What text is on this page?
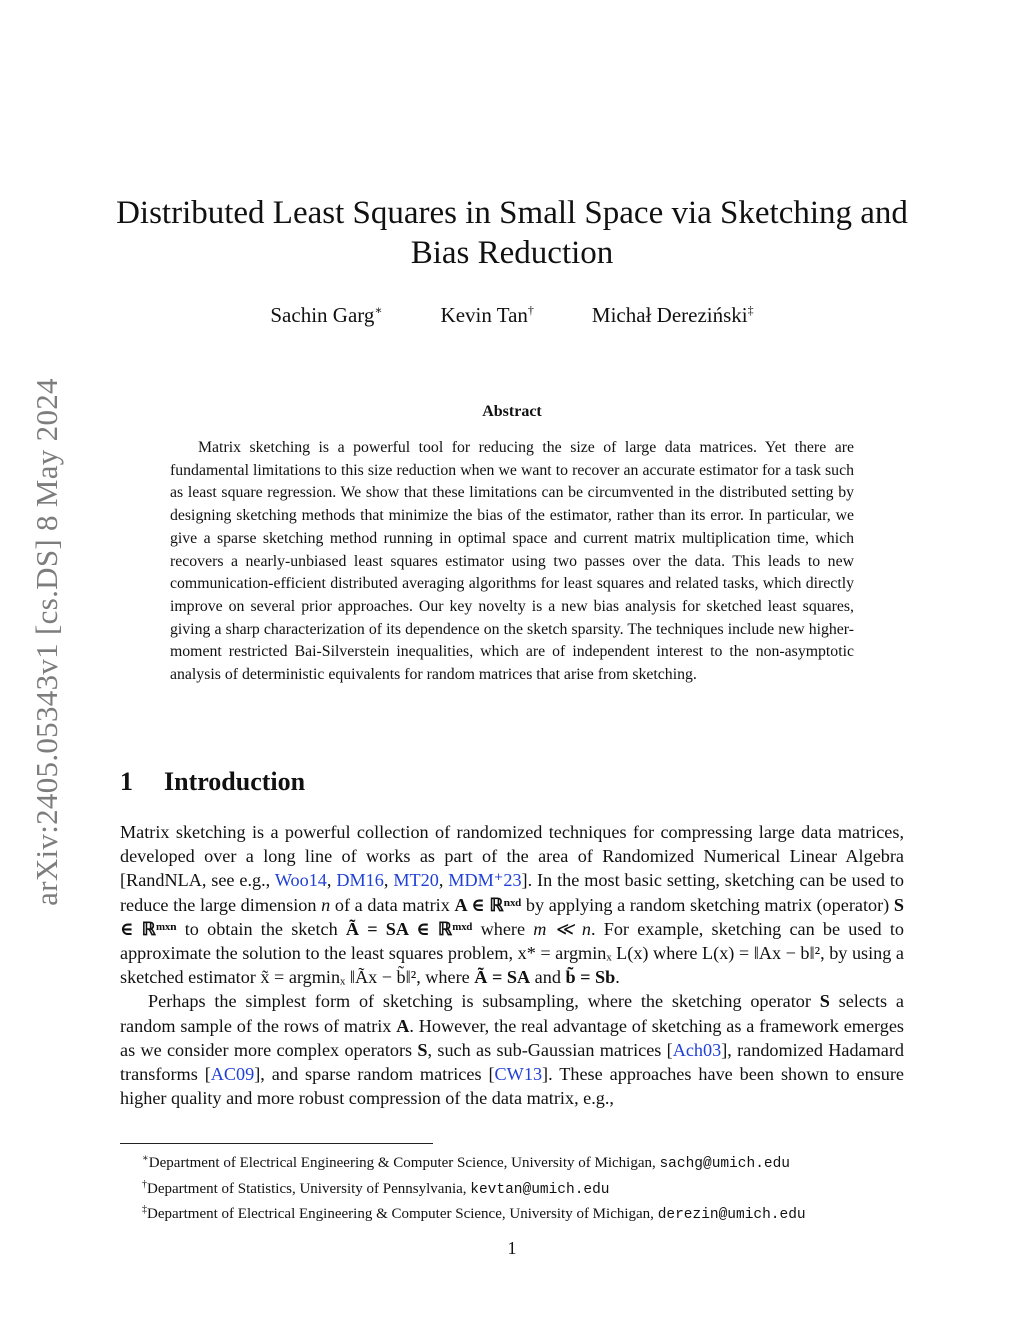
arXiv:2405.05343v1 [cs.DS] 8 May 2024
Distributed Least Squares in Small Space via Sketching and Bias Reduction
Sachin Garg∗	Kevin Tan†	Michał Dereziński‡
Abstract

Matrix sketching is a powerful tool for reducing the size of large data matrices. Yet there are fundamental limitations to this size reduction when we want to recover an accurate estimator for a task such as least square regression. We show that these limitations can be circumvented in the distributed setting by designing sketching methods that minimize the bias of the estimator, rather than its error. In particular, we give a sparse sketching method running in optimal space and current matrix multiplication time, which recovers a nearly-unbiased least squares estimator using two passes over the data. This leads to new communication-efficient distributed averaging algorithms for least squares and related tasks, which directly improve on several prior approaches. Our key novelty is a new bias analysis for sketched least squares, giving a sharp characterization of its dependence on the sketch sparsity. The techniques include new higher-moment restricted Bai-Silverstein inequalities, which are of independent interest to the non-asymptotic analysis of deterministic equivalents for random matrices that arise from sketching.

1 Introduction

Matrix sketching is a powerful collection of randomized techniques for compressing large data matrices, developed over a long line of works as part of the area of Randomized Numerical Linear Algebra [RandNLA, see e.g., Woo14, DM16, MT20, MDM⁺23]. In the most basic setting, sketching can be used to reduce the large dimension n of a data matrix A ∈ ℝⁿˣᵈ by applying a random sketching matrix (operator) S ∈ ℝᵐˣⁿ to obtain the sketch Ã = SA ∈ ℝᵐˣᵈ where m ≪ n. For example, sketching can be used to approximate the solution to the least squares problem, x* = argminₓ L(x) where L(x) = ‖Ax − b‖², by using a sketched estimator x̃ = argminₓ ‖Ãx − b̃‖², where Ã = SA and b̃ = Sb.

Perhaps the simplest form of sketching is subsampling, where the sketching operator S selects a random sample of the rows of matrix A. However, the real advantage of sketching as a framework emerges as we consider more complex operators S, such as sub-Gaussian matrices [Ach03], randomized Hadamard transforms [AC09], and sparse random matrices [CW13]. These approaches have been shown to ensure higher quality and more robust compression of the data matrix, e.g.,

∗Department of Electrical Engineering & Computer Science, University of Michigan, sachg@umich.edu
†Department of Statistics, University of Pennsylvania, kevtan@umich.edu
‡Department of Electrical Engineering & Computer Science, University of Michigan, derezin@umich.edu
1
